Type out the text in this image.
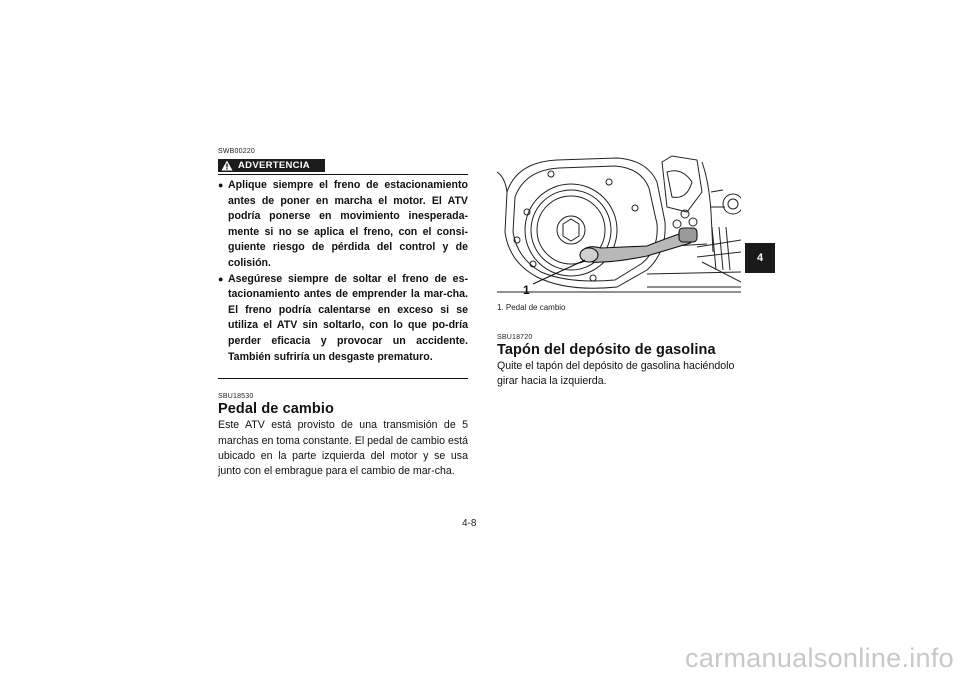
SWB00220
ADVERTENCIA
● Aplique siempre el freno de estacionamiento antes de poner en marcha el motor. El ATV podría ponerse en movimiento inesperada-mente si no se aplica el freno, con el consi-guiente riesgo de pérdida del control y de colisión.
● Asegúrese siempre de soltar el freno de es-tacionamiento antes de emprender la mar-cha. El freno podría calentarse en exceso si se utiliza el ATV sin soltarlo, con lo que po-dría perder eficacia y provocar un accidente. También sufriría un desgaste prematuro.
SBU18530
Pedal de cambio

Este ATV está provisto de una transmisión de 5 marchas en toma constante. El pedal de cambio está ubicado en la parte izquierda del motor y se usa junto con el embrague para el cambio de mar-cha.

1
1. Pedal de cambio
SBU18720
Tapón del depósito de gasolina

Quite el tapón del depósito de gasolina haciéndolo girar hacia la izquierda.

4
4-8
carmanualsonline.info
